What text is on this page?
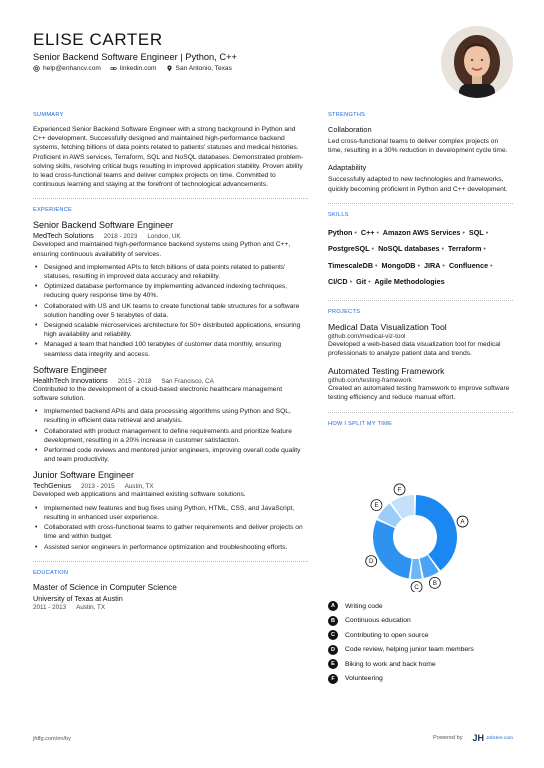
ELISE CARTER
Senior Backend Software Engineer | Python, C++
help@enhancv.com	linkedin.com	San Antonio, Texas
SUMMARY
Experienced Senior Backend Software Engineer with a strong background in Python and C++ development. Successfully designed and maintained high-performance backend systems, fetching billions of data points related to patients' statuses and medical histories. Proficient in AWS services, Terraform, SQL and NoSQL databases. Demonstrated problem-solving skills, resolving critical bugs resulting in improved application stability. Proven ability to lead cross-functional teams and deliver complex projects on time. Committed to continuous learning and staying at the forefront of technological advancements.
EXPERIENCE
Senior Backend Software Engineer
MedTech Solutions 2018 - 2023 London, UK
Developed and maintained high-performance backend systems using Python and C++, ensuring continuous availability of services.
• Designed and implemented APIs to fetch billions of data points related to patients' statuses, resulting in improved data accuracy and reliability.
• Optimized database performance by implementing advanced indexing techniques, reducing query response time by 40%.
• Collaborated with US and UK teams to create functional table structures for a software solution handling over 5 terabytes of data.
• Designed scalable microservices architecture for 50+ distributed applications, ensuring high availability and reliability.
• Managed a team that handled 100 terabytes of customer data monthly, ensuring seamless data integrity and access.
Software Engineer
HealthTech Innovations 2015 - 2018 San Francisco, CA
Contributed to the development of a cloud-based electronic healthcare management software solution.
• Implemented backend APIs and data processing algorithms using Python and SQL, resulting in efficient data retrieval and analysis.
• Collaborated with product management to define requirements and prioritize feature development, resulting in a 20% increase in customer satisfaction.
• Performed code reviews and mentored junior engineers, improving overall code quality and team productivity.
Junior Software Engineer
TechGenius 2013 - 2015 Austin, TX
Developed web applications and maintained existing software solutions.
• Implemented new features and bug fixes using Python, HTML, CSS, and JavaScript, resulting in enhanced user experience.
• Collaborated with cross-functional teams to gather requirements and deliver projects on time and within budget.
• Assisted senior engineers in performance optimization and troubleshooting efforts.
EDUCATION
Master of Science in Computer Science
University of Texas at Austin
2011 - 2013 Austin, TX
STRENGTHS
Collaboration
Led cross-functional teams to deliver complex projects on time, resulting in a 30% reduction in development cycle time.
Adaptability
Successfully adapted to new technologies and frameworks, quickly becoming proficient in Python and C++ development.
SKILLS
Python • C++ • Amazon AWS Services • SQL • PostgreSQL • NoSQL databases • Terraform • TimescaleDB • MongoDB • JIRA • Confluence • CI/CD • Git • Agile Methodologies
PROJECTS
Medical Data Visualization Tool
github.com/medical-viz-tool
Developed a web-based data visualization tool for medical professionals to analyze patient data and trends.
Automated Testing Framework
github.com/testing-framework
Created an automated testing framework to improve software testing efficiency and reduce manual effort.
HOW I SPLIT MY TIME
A
B
C
D
E
F
A	Writing code
B	Continuous education
C	Contributing to open source
D	Code review, helping junior team members
E	Biking to work and back home
F	Volunteering
jfdfg.com/en/by	Powered by JH JobHire.com
